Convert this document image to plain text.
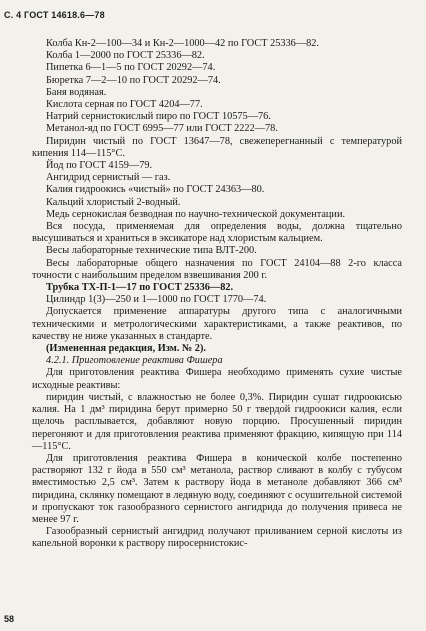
С. 4 ГОСТ 14618.6—78

Колба Кн-2—100—34 и Кн-2—1000—42 по ГОСТ 25336—82.

Колба 1—2000 по ГОСТ 25336—82.

Пипетка 6—1—5 по ГОСТ 20292—74.

Бюретка 7—2—10 по ГОСТ 20292—74.

Баня водяная.

Кислота серная по ГОСТ 4204—77.

Натрий сернистокислый пиро по ГОСТ 10575—76.

Метанол-яд по ГОСТ 6995—77 или ГОСТ 2222—78.

Пиридин чистый по ГОСТ 13647—78, свежеперегнанный с температурой кипения 114—115°С.

Йод по ГОСТ 4159—79.

Ангидрид сернистый — газ.

Калия гидроокись «чистый» по ГОСТ 24363—80.

Кальций хлористый 2-водный.

Медь сернокислая безводная по научно-технической документации.

Вся посуда, применяемая для определения воды, должна тщательно высушиваться и храниться в эксикаторе над хлористым кальцием.

Весы лабораторные технические типа ВЛТ-200.

Весы лабораторные общего назначения по ГОСТ 24104—88 2-го класса точности с наибольшим пределом взвешивания 200 г.

Трубка ТХ-П-1—17 по ГОСТ 25336—82.

Цилиндр 1(3)—250 и 1—1000 по ГОСТ 1770—74.

Допускается применение аппаратуры другого типа с аналогичными техническими и метрологическими характеристиками, а также реактивов, по качеству не ниже указанных в стандарте.

(Измененная редакция, Изм. № 2).

4.2.1. Приготовление реактива Фишера

Для приготовления реактива Фишера необходимо применять сухие чистые исходные реактивы:

пиридин чистый, с влажностью не более 0,3%. Пиридин сушат гидроокисью калия. На 1 дм³ пиридина берут примерно 50 г твердой гидроокиси калия, если щелочь расплывается, добавляют новую порцию. Просушенный пиридин перегоняют и для приготовления реактива применяют фракцию, кипящую при 114—115°С.

Для приготовления реактива Фишера в конической колбе постепенно растворяют 132 г йода в 550 см³ метанола, раствор сливают в колбу с тубусом вместимостью 2,5 см³. Затем к раствору йода в метаноле добавляют 366 см³ пиридина, склянку помещают в ледяную воду, соединяют с осушительной системой и пропускают ток газообразного сернистого ангидрида до получения привеса не менее 97 г.

Газообразный сернистый ангидрид получают приливанием серной кислоты из капельной воронки к раствору пиросернистокис-

58
